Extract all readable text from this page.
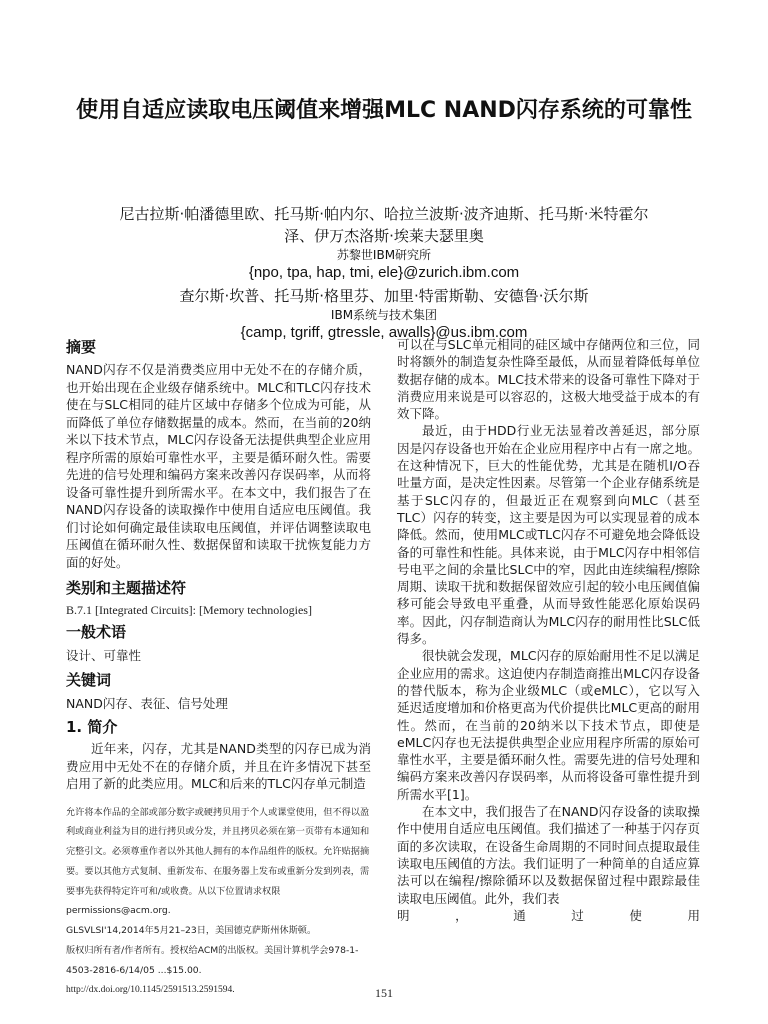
使用自适应读取电压阈值来增强MLC NAND闪存系统的可靠性
尼古拉斯·帕潘德里欧、托马斯·帕内尔、哈拉兰波斯·波齐迪斯、托马斯·米特霍尔泽、伊万杰洛斯·埃莱夫瑟里奥
苏黎世IBM研究所
{npo, tpa, hap, tmi, ele}@zurich.ibm.com
查尔斯·坎普、托马斯·格里芬、加里·特雷斯勒、安德鲁·沃尔斯
IBM系统与技术集团
{camp, tgriff, gtressle, awalls}@us.ibm.com
摘要

NAND闪存不仅是消费类应用中无处不在的存储介质，也开始出现在企业级存储系统中。MLC和TLC闪存技术使在与SLC相同的硅片区域中存储多个位成为可能，从而降低了单位存储数据量的成本。然而，在当前的20纳米以下技术节点，MLC闪存设备无法提供典型企业应用程序所需的原始可靠性水平，主要是循环耐久性。需要先进的信号处理和编码方案来改善闪存误码率，从而将设备可靠性提升到所需水平。在本文中，我们报告了在NAND闪存设备的读取操作中使用自适应电压阈值。我们讨论如何确定最佳读取电压阈值，并评估调整读取电压阈值在循环耐久性、数据保留和读取干扰恢复能力方面的好处。

类别和主题描述符

B.7.1 [Integrated Circuits]: [Memory technologies]

一般术语

设计、可靠性

关键词

NAND闪存、表征、信号处理

1. 简介

近年来，闪存，尤其是NAND类型的闪存已成为消费应用中无处不在的存储介质，并且在许多情况下甚至启用了新的此类应用。MLC和后来的TLC闪存单元制造

允许将本作品的全部或部分数字或硬拷贝用于个人或课堂使用，但不得以盈利或商业利益为目的进行拷贝或分发，并且拷贝必须在第一页带有本通知和完整引文。必须尊重作者以外其他人拥有的本作品组件的版权。允许贴据摘要。要以其他方式复制、重新发布、在服务器上发布或重新分发到列表，需要事先获得特定许可和/或收费。从以下位置请求权限 permissions@acm.org.
GLSVLSI'14,2014年5月21–23日，美国德克萨斯州休斯顿。
版权归所有者/作者所有。授权给ACM的出版权。美国计算机学会978-1-4503-2816-6/14/05 ...$15.00.
http://dx.doi.org/10.1145/2591513.2591594.

可以在与SLC单元相同的硅区域中存储两位和三位，同时将额外的制造复杂性降至最低，从而显着降低每单位数据存储的成本。MLC技术带来的设备可靠性下降对于消费应用来说是可以容忍的，这极大地受益于成本的有效下降。

最近，由于HDD行业无法显着改善延迟，部分原因是闪存设备也开始在企业应用程序中占有一席之地。在这种情况下，巨大的性能优势，尤其是在随机I/O吞吐量方面，是决定性因素。尽管第一个企业存储系统是基于SLC闪存的，但最近正在观察到向MLC（甚至TLC）闪存的转变，这主要是因为可以实现显着的成本降低。然而，使用MLC或TLC闪存不可避免地会降低设备的可靠性和性能。具体来说，由于MLC闪存中相邻信号电平之间的余量比SLC中的窄，因此由连续编程/擦除周期、读取干扰和数据保留效应引起的较小电压阈值偏移可能会导致电平重叠，从而导致性能恶化原始误码率。因此，闪存制造商认为MLC闪存的耐用性比SLC低得多。

很快就会发现，MLC闪存的原始耐用性不足以满足企业应用的需求。这迫使内存制造商推出MLC闪存设备的替代版本，称为企业级MLC（或eMLC），它以写入延迟适度增加和价格更高为代价提供比MLC更高的耐用性。然而，在当前的20纳米以下技术节点，即使是eMLC闪存也无法提供典型企业应用程序所需的原始可靠性水平，主要是循环耐久性。需要先进的信号处理和编码方案来改善闪存误码率，从而将设备可靠性提升到所需水平[1]。

在本文中，我们报告了在NAND闪存设备的读取操作中使用自适应电压阈值。我们描述了一种基于闪存页面的多次读取，在设备生命周期的不同时间点提取最佳读取电压阈值的方法。我们证明了一种简单的自适应算法可以在编程/擦除循环以及数据保留过程中跟踪最佳读取电压阈值。此外，我们表

明，通过使用

151
